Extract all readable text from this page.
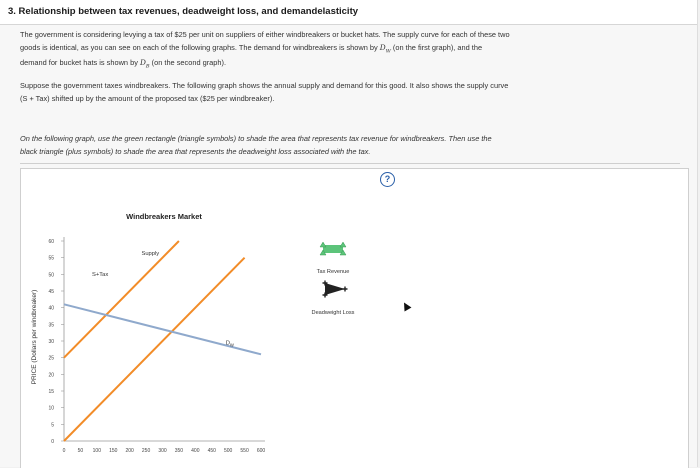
3. Relationship between tax revenues, deadweight loss, and demandelasticity
The government is considering levying a tax of $25 per unit on suppliers of either windbreakers or bucket hats. The supply curve for each of these two
goods is identical, as you can see on each of the following graphs. The demand for windbreakers is shown by $D_W$ (on the first graph), and the
demand for bucket hats is shown by $D_B$ (on the second graph).
Suppose the government taxes windbreakers. The following graph shows the annual supply and demand for this good. It also shows the supply curve
(S + Tax) shifted up by the amount of the proposed tax ($25 per windbreaker).
On the following graph, use the green rectangle (triangle symbols) to shade the area that represents tax revenue for windbreakers. Then use the
black triangle (plus symbols) to shade the area that represents the deadweight loss associated with the tax.
?
Windbreakers Market
PRICE (Dollars per windbreaker)
0
5
10
15
20
25
30
35
40
45
50
55
60
0 50 100 150 200 250 300 350 400 450 500 550 600
Supply
S+Tax
$D_W$
Tax Revenue
Deadweight Loss
